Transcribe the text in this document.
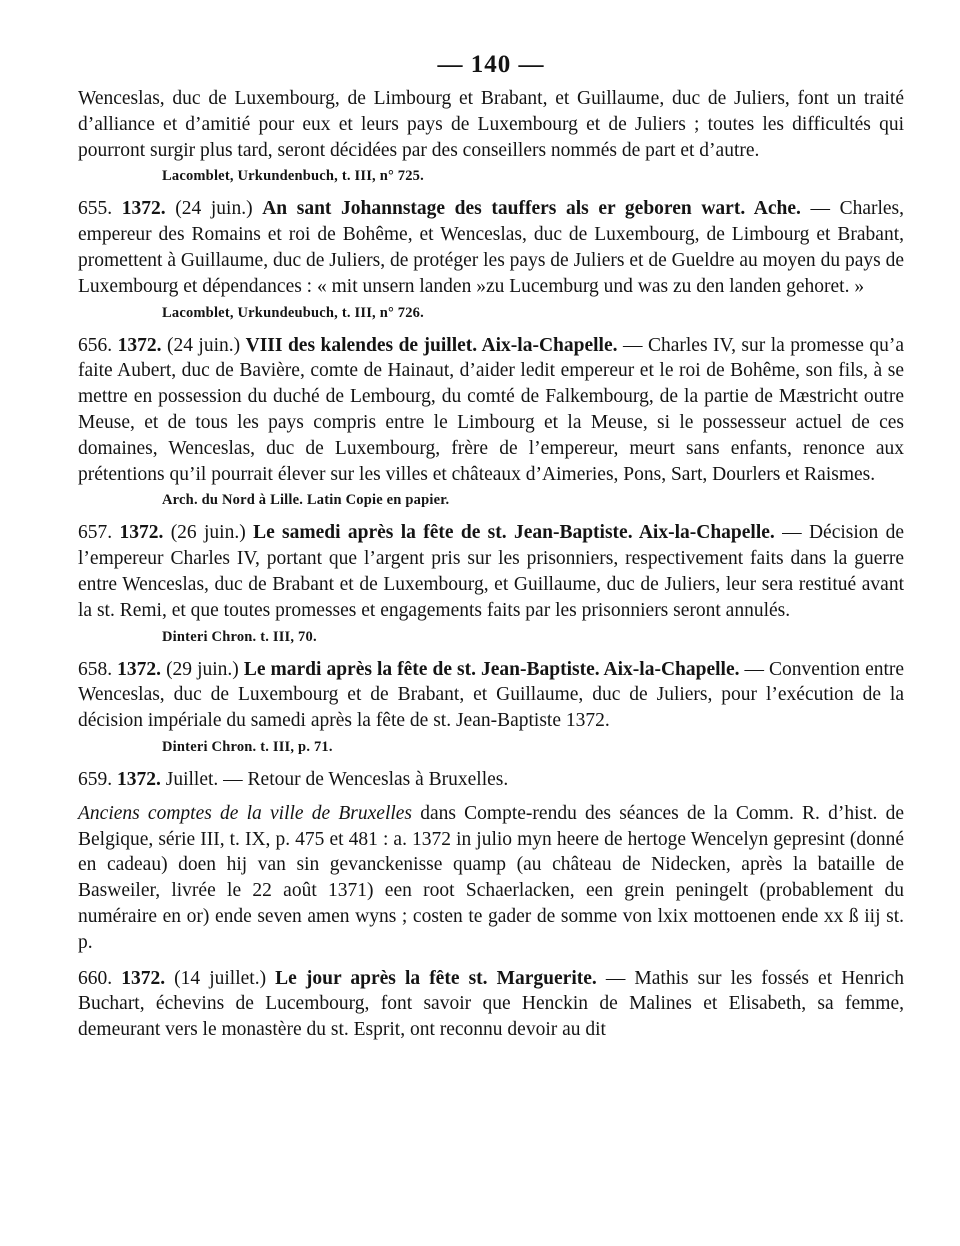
— 140 —

Wenceslas, duc de Luxembourg, de Limbourg et Brabant, et Guillaume, duc de Juliers, font un traité d’alliance et d’amitié pour eux et leurs pays de Luxembourg et de Juliers ; toutes les difficultés qui pourront surgir plus tard, seront décidées par des conseillers nommés de part et d’autre.

Lacomblet, Urkundenbuch, t. III, n° 725.

655. 1372. (24 juin.) An sant Johannstage des tauffers als er geboren wart. Ache. — Charles, empereur des Romains et roi de Bohême, et Wenceslas, duc de Luxembourg, de Limbourg et Brabant, promettent à Guillaume, duc de Juliers, de protéger les pays de Juliers et de Gueldre au moyen du pays de Luxembourg et dépendances : « mit unsern landen »zu Lucemburg und was zu den landen gehoret. »

Lacomblet, Urkundeubuch, t. III, n° 726.

656. 1372. (24 juin.) VIII des kalendes de juillet. Aix-la-Chapelle. — Charles IV, sur la promesse qu’a faite Aubert, duc de Bavière, comte de Hainaut, d’aider ledit empereur et le roi de Bohême, son fils, à se mettre en possession du duché de Lembourg, du comté de Falkembourg, de la partie de Mæstricht outre Meuse, et de tous les pays compris entre le Limbourg et la Meuse, si le possesseur actuel de ces domaines, Wenceslas, duc de Luxembourg, frère de l’empereur, meurt sans enfants, renonce aux prétentions qu’il pourrait élever sur les villes et châteaux d’Aimeries, Pons, Sart, Dourlers et Raismes.

Arch. du Nord à Lille. Latin Copie en papier.

657. 1372. (26 juin.) Le samedi après la fête de st. Jean-Baptiste. Aix-la-Chapelle. — Décision de l’empereur Charles IV, portant que l’argent pris sur les prisonniers, respectivement faits dans la guerre entre Wenceslas, duc de Brabant et de Luxembourg, et Guillaume, duc de Juliers, leur sera restitué avant la st. Remi, et que toutes promesses et engagements faits par les prisonniers seront annulés.

Dinteri Chron. t. III, 70.

658. 1372. (29 juin.) Le mardi après la fête de st. Jean-Baptiste. Aix-la-Chapelle. — Convention entre Wenceslas, duc de Luxembourg et de Brabant, et Guillaume, duc de Juliers, pour l’exécution de la décision impériale du samedi après la fête de st. Jean-Baptiste 1372.

Dinteri Chron. t. III, p. 71.

659. 1372. Juillet. — Retour de Wenceslas à Bruxelles.

Anciens comptes de la ville de Bruxelles dans Compte-rendu des séances de la Comm. R. d’hist. de Belgique, série III, t. IX, p. 475 et 481 : a. 1372 in julio myn heere de hertoge Wencelyn gepresint (donné en cadeau) doen hij van sin gevanckenisse quamp (au château de Nidecken, après la bataille de Basweiler, livrée le 22 août 1371) een root Schaerlacken, een grein peningelt (probablement du numéraire en or) ende seven amen wyns ; costen te gader de somme von lxix mottoenen ende xx ß iij st. p.

660. 1372. (14 juillet.) Le jour après la fête st. Marguerite. — Mathis sur les fossés et Henrich Buchart, échevins de Lucembourg, font savoir que Henckin de Malines et Elisabeth, sa femme, demeurant vers le monastère du st. Esprit, ont reconnu devoir au dit
